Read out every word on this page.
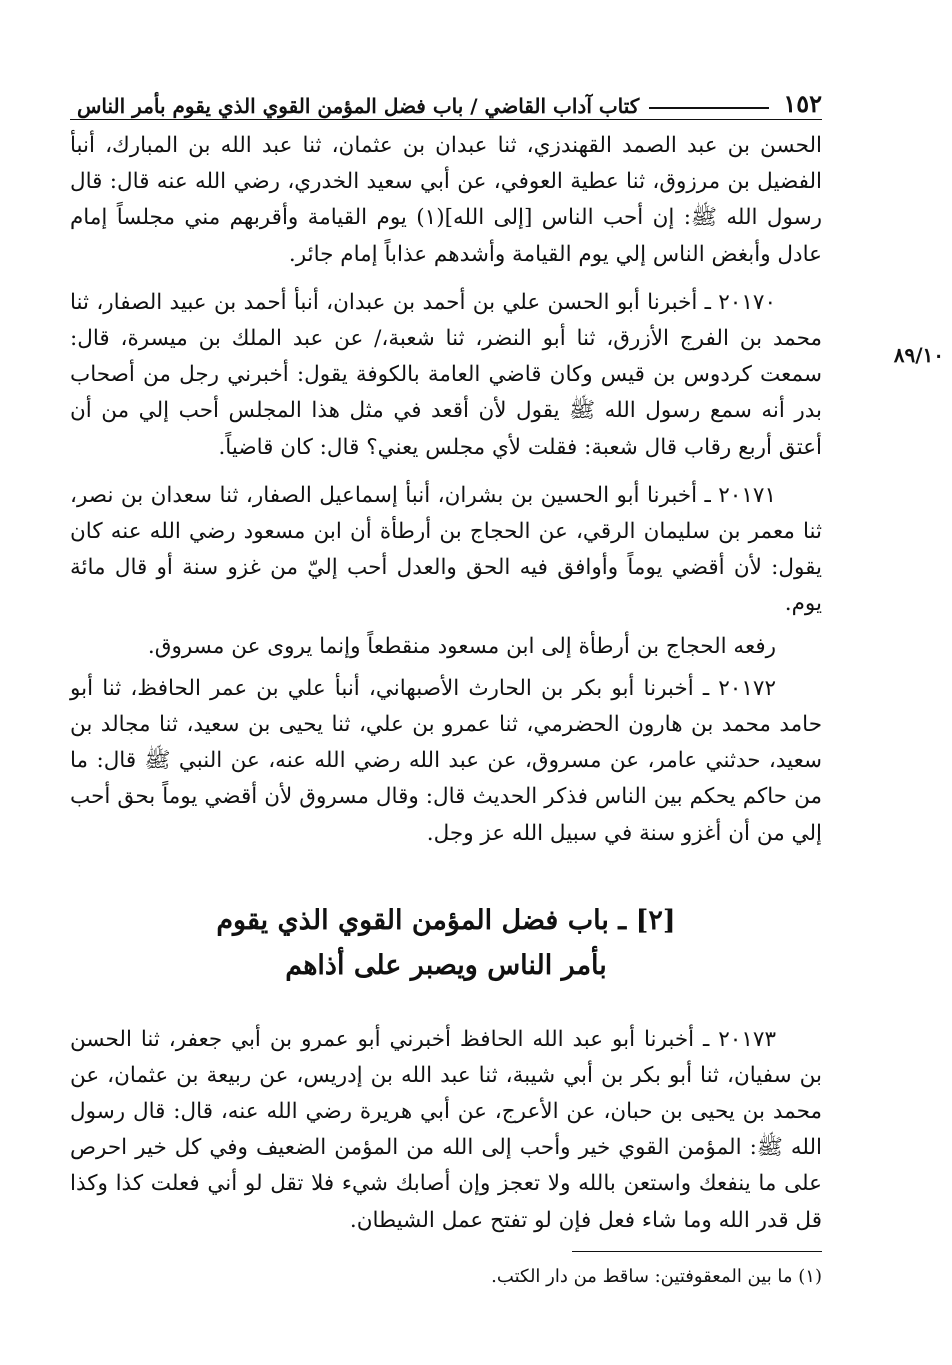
١٥٢
كتاب آداب القاضي / باب فضل المؤمن القوي الذي يقوم بأمر الناس
٨٩/١٠

الحسن بن عبد الصمد القهندزي، ثنا عبدان بن عثمان، ثنا عبد الله بن المبارك، أنبأ الفضيل بن مرزوق، ثنا عطية العوفي، عن أبي سعيد الخدري، رضي الله عنه قال: قال رسول الله ﷺ: إن أحب الناس [إلى الله](١) يوم القيامة وأقربهم مني مجلساً إمام عادل وأبغض الناس إلي يوم القيامة وأشدهم عذاباً إمام جائر.

٢٠١٧٠ ـ أخبرنا أبو الحسن علي بن أحمد بن عبدان، أنبأ أحمد بن عبيد الصفار، ثنا محمد بن الفرج الأزرق، ثنا أبو النضر، ثنا شعبة،/ عن عبد الملك بن ميسرة، قال: سمعت كردوس بن قيس وكان قاضي العامة بالكوفة يقول: أخبرني رجل من أصحاب بدر أنه سمع رسول الله ﷺ يقول لأن أقعد في مثل هذا المجلس أحب إلي من أن أعتق أربع رقاب قال شعبة: فقلت لأي مجلس يعني؟ قال: كان قاضياً.

٢٠١٧١ ـ أخبرنا أبو الحسين بن بشران، أنبأ إسماعيل الصفار، ثنا سعدان بن نصر، ثنا معمر بن سليمان الرقي، عن الحجاج بن أرطأة أن ابن مسعود رضي الله عنه كان يقول: لأن أقضي يوماً وأوافق فيه الحق والعدل أحب إليّ من غزو سنة أو قال مائة يوم.

رفعه الحجاج بن أرطأة إلى ابن مسعود منقطعاً وإنما يروى عن مسروق.

٢٠١٧٢ ـ أخبرنا أبو بكر بن الحارث الأصبهاني، أنبأ علي بن عمر الحافظ، ثنا أبو حامد محمد بن هارون الحضرمي، ثنا عمرو بن علي، ثنا يحيى بن سعيد، ثنا مجالد بن سعيد، حدثني عامر، عن مسروق، عن عبد الله رضي الله عنه، عن النبي ﷺ قال: ما من حاكم يحكم بين الناس فذكر الحديث قال: وقال مسروق لأن أقضي يوماً بحق أحب إلي من أن أغزو سنة في سبيل الله عز وجل.

[٢] ـ باب فضل المؤمن القوي الذي يقوم
بأمر الناس ويصبر على أذاهم

٢٠١٧٣ ـ أخبرنا أبو عبد الله الحافظ أخبرني أبو عمرو بن أبي جعفر، ثنا الحسن بن سفيان، ثنا أبو بكر بن أبي شيبة، ثنا عبد الله بن إدريس، عن ربيعة بن عثمان، عن محمد بن يحيى بن حبان، عن الأعرج، عن أبي هريرة رضي الله عنه، قال: قال رسول الله ﷺ: المؤمن القوي خير وأحب إلى الله من المؤمن الضعيف وفي كل خير احرص على ما ينفعك واستعن بالله ولا تعجز وإن أصابك شيء فلا تقل لو أني فعلت كذا وكذا قل قدر الله وما شاء فعل فإن لو تفتح عمل الشيطان.

(١) ما بين المعقوفتين: ساقط من دار الكتب.
